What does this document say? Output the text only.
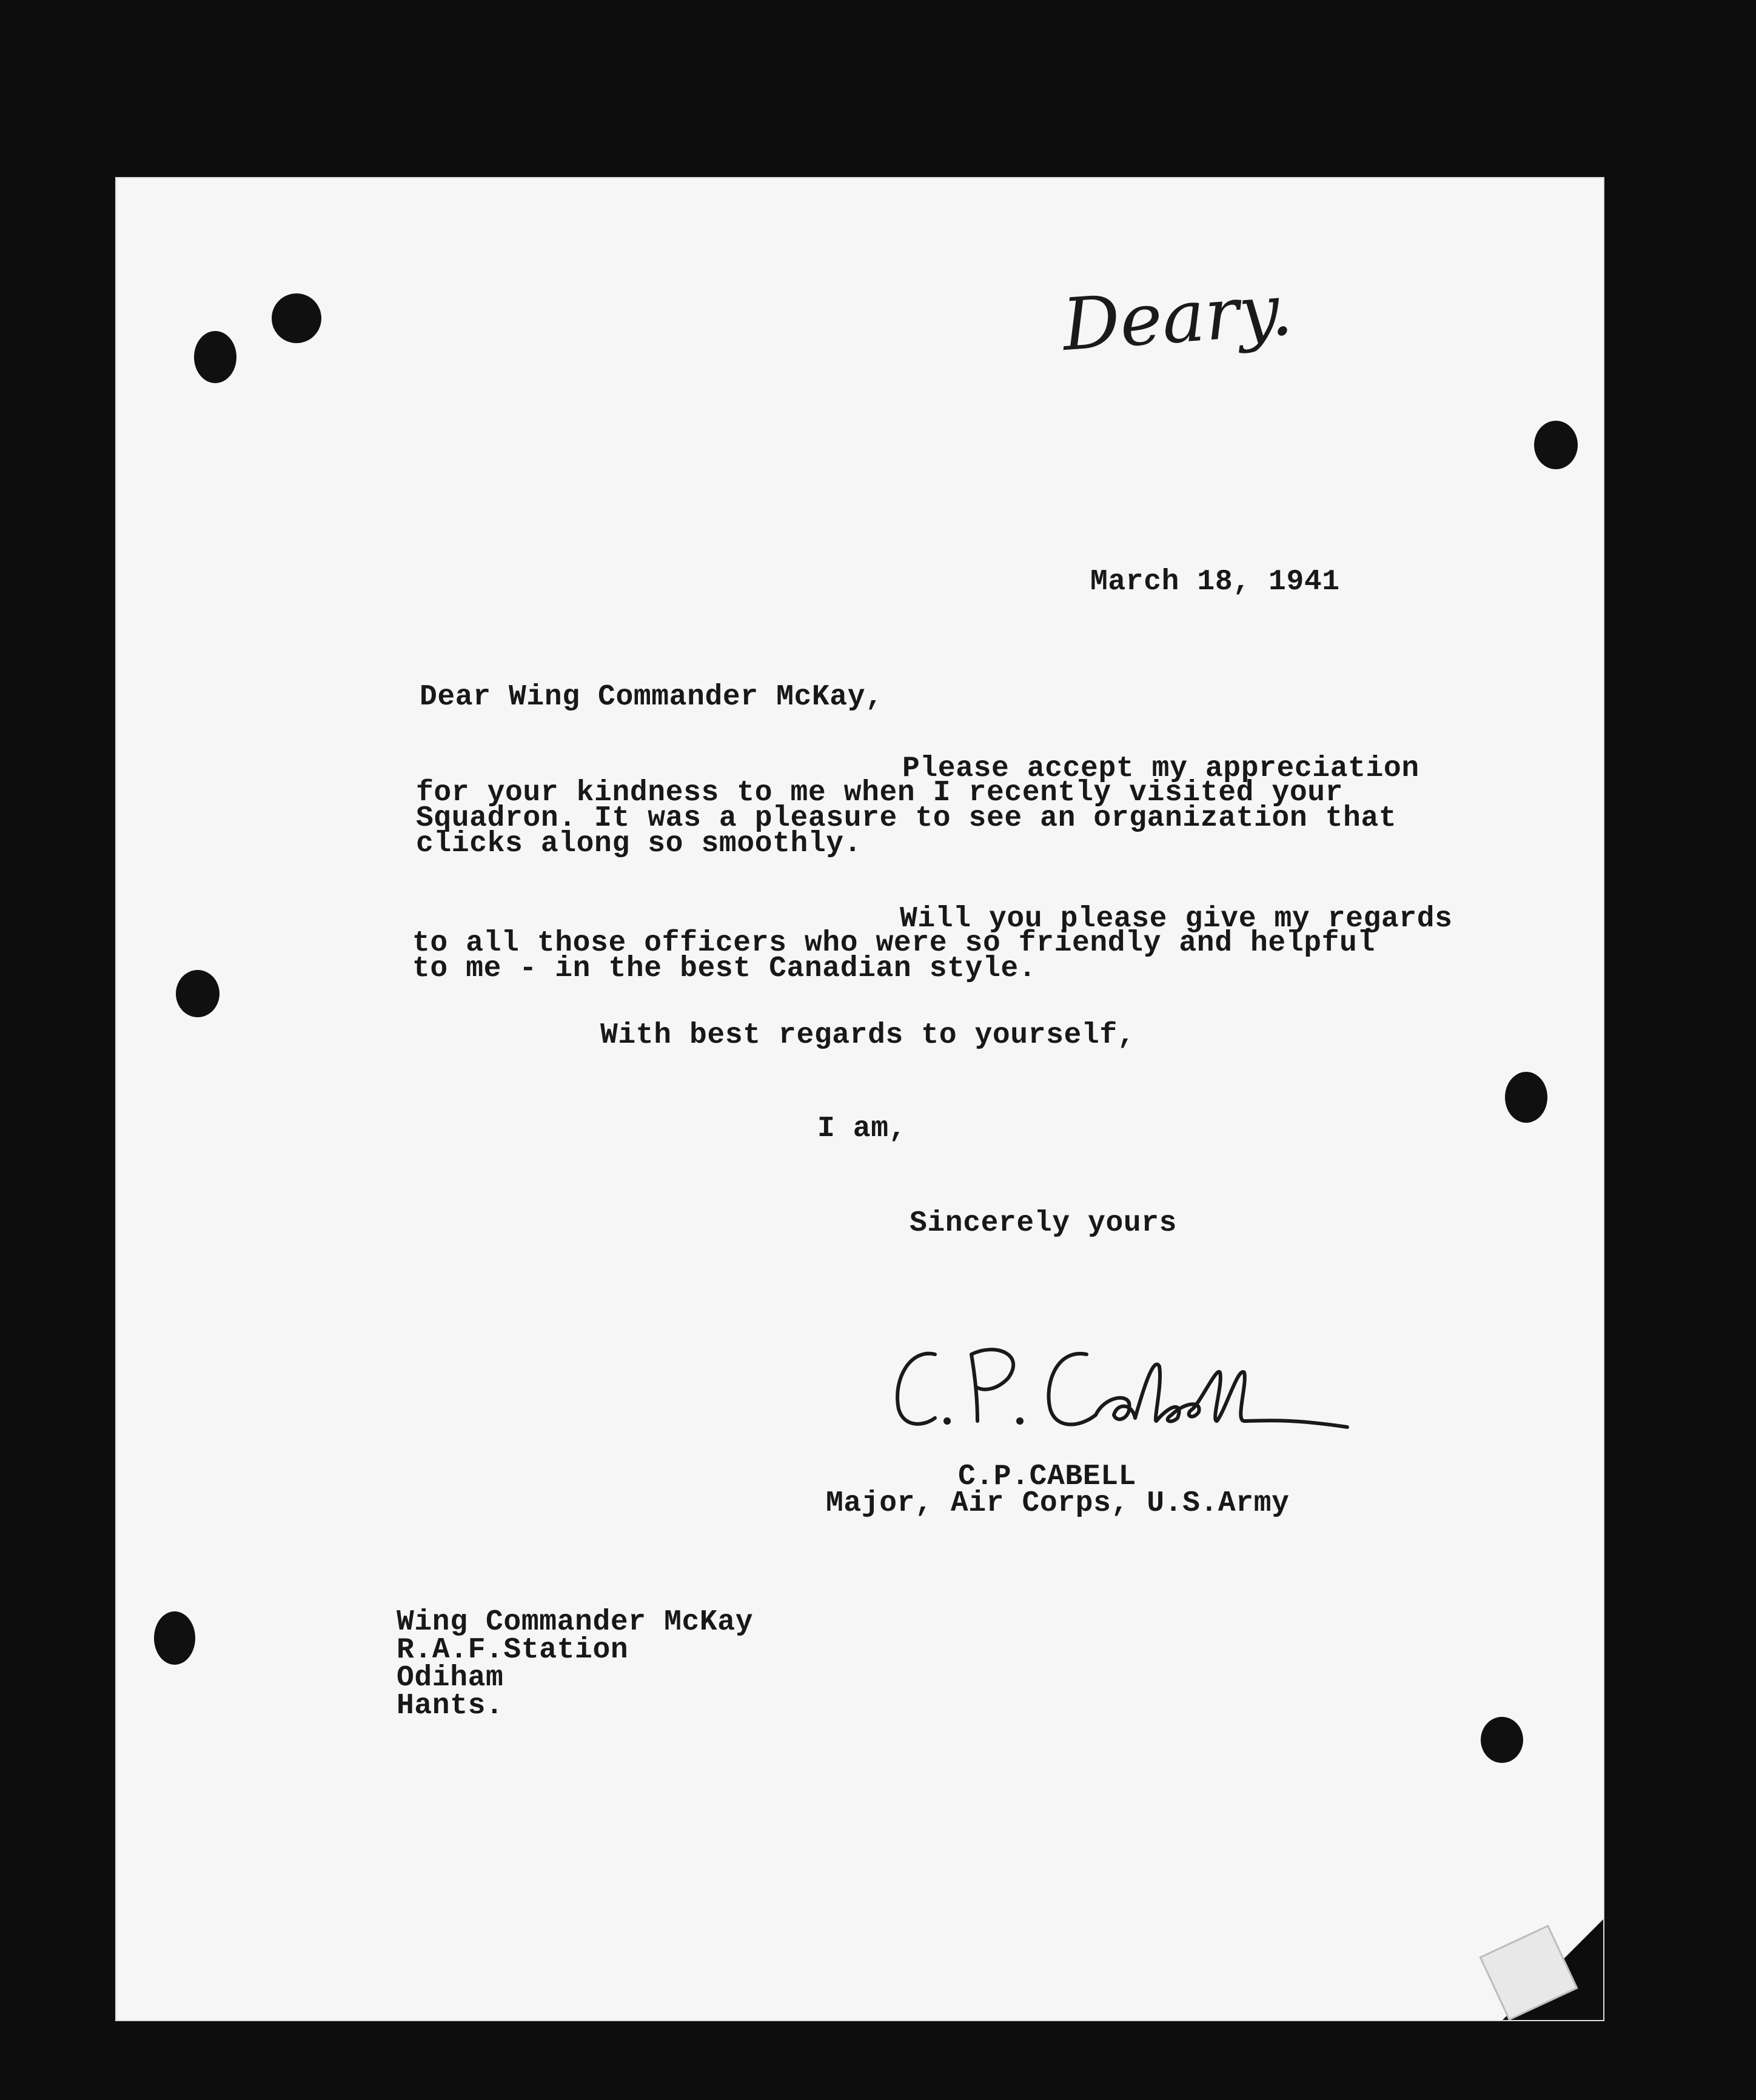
Deary.
March 18, 1941
Dear Wing Commander McKay,
Please accept my appreciation
for your kindness to me when I recently visited your
Squadron. It was a pleasure to see an organization that
clicks along so smoothly.
Will you please give my regards
to all those officers who were so friendly and helpful
to me - in the best Canadian style.
With best regards to yourself,
I am,
Sincerely yours
C.P.CABELL
Major, Air Corps, U.S.Army
Wing Commander McKay
R.A.F.Station
Odiham
Hants.
